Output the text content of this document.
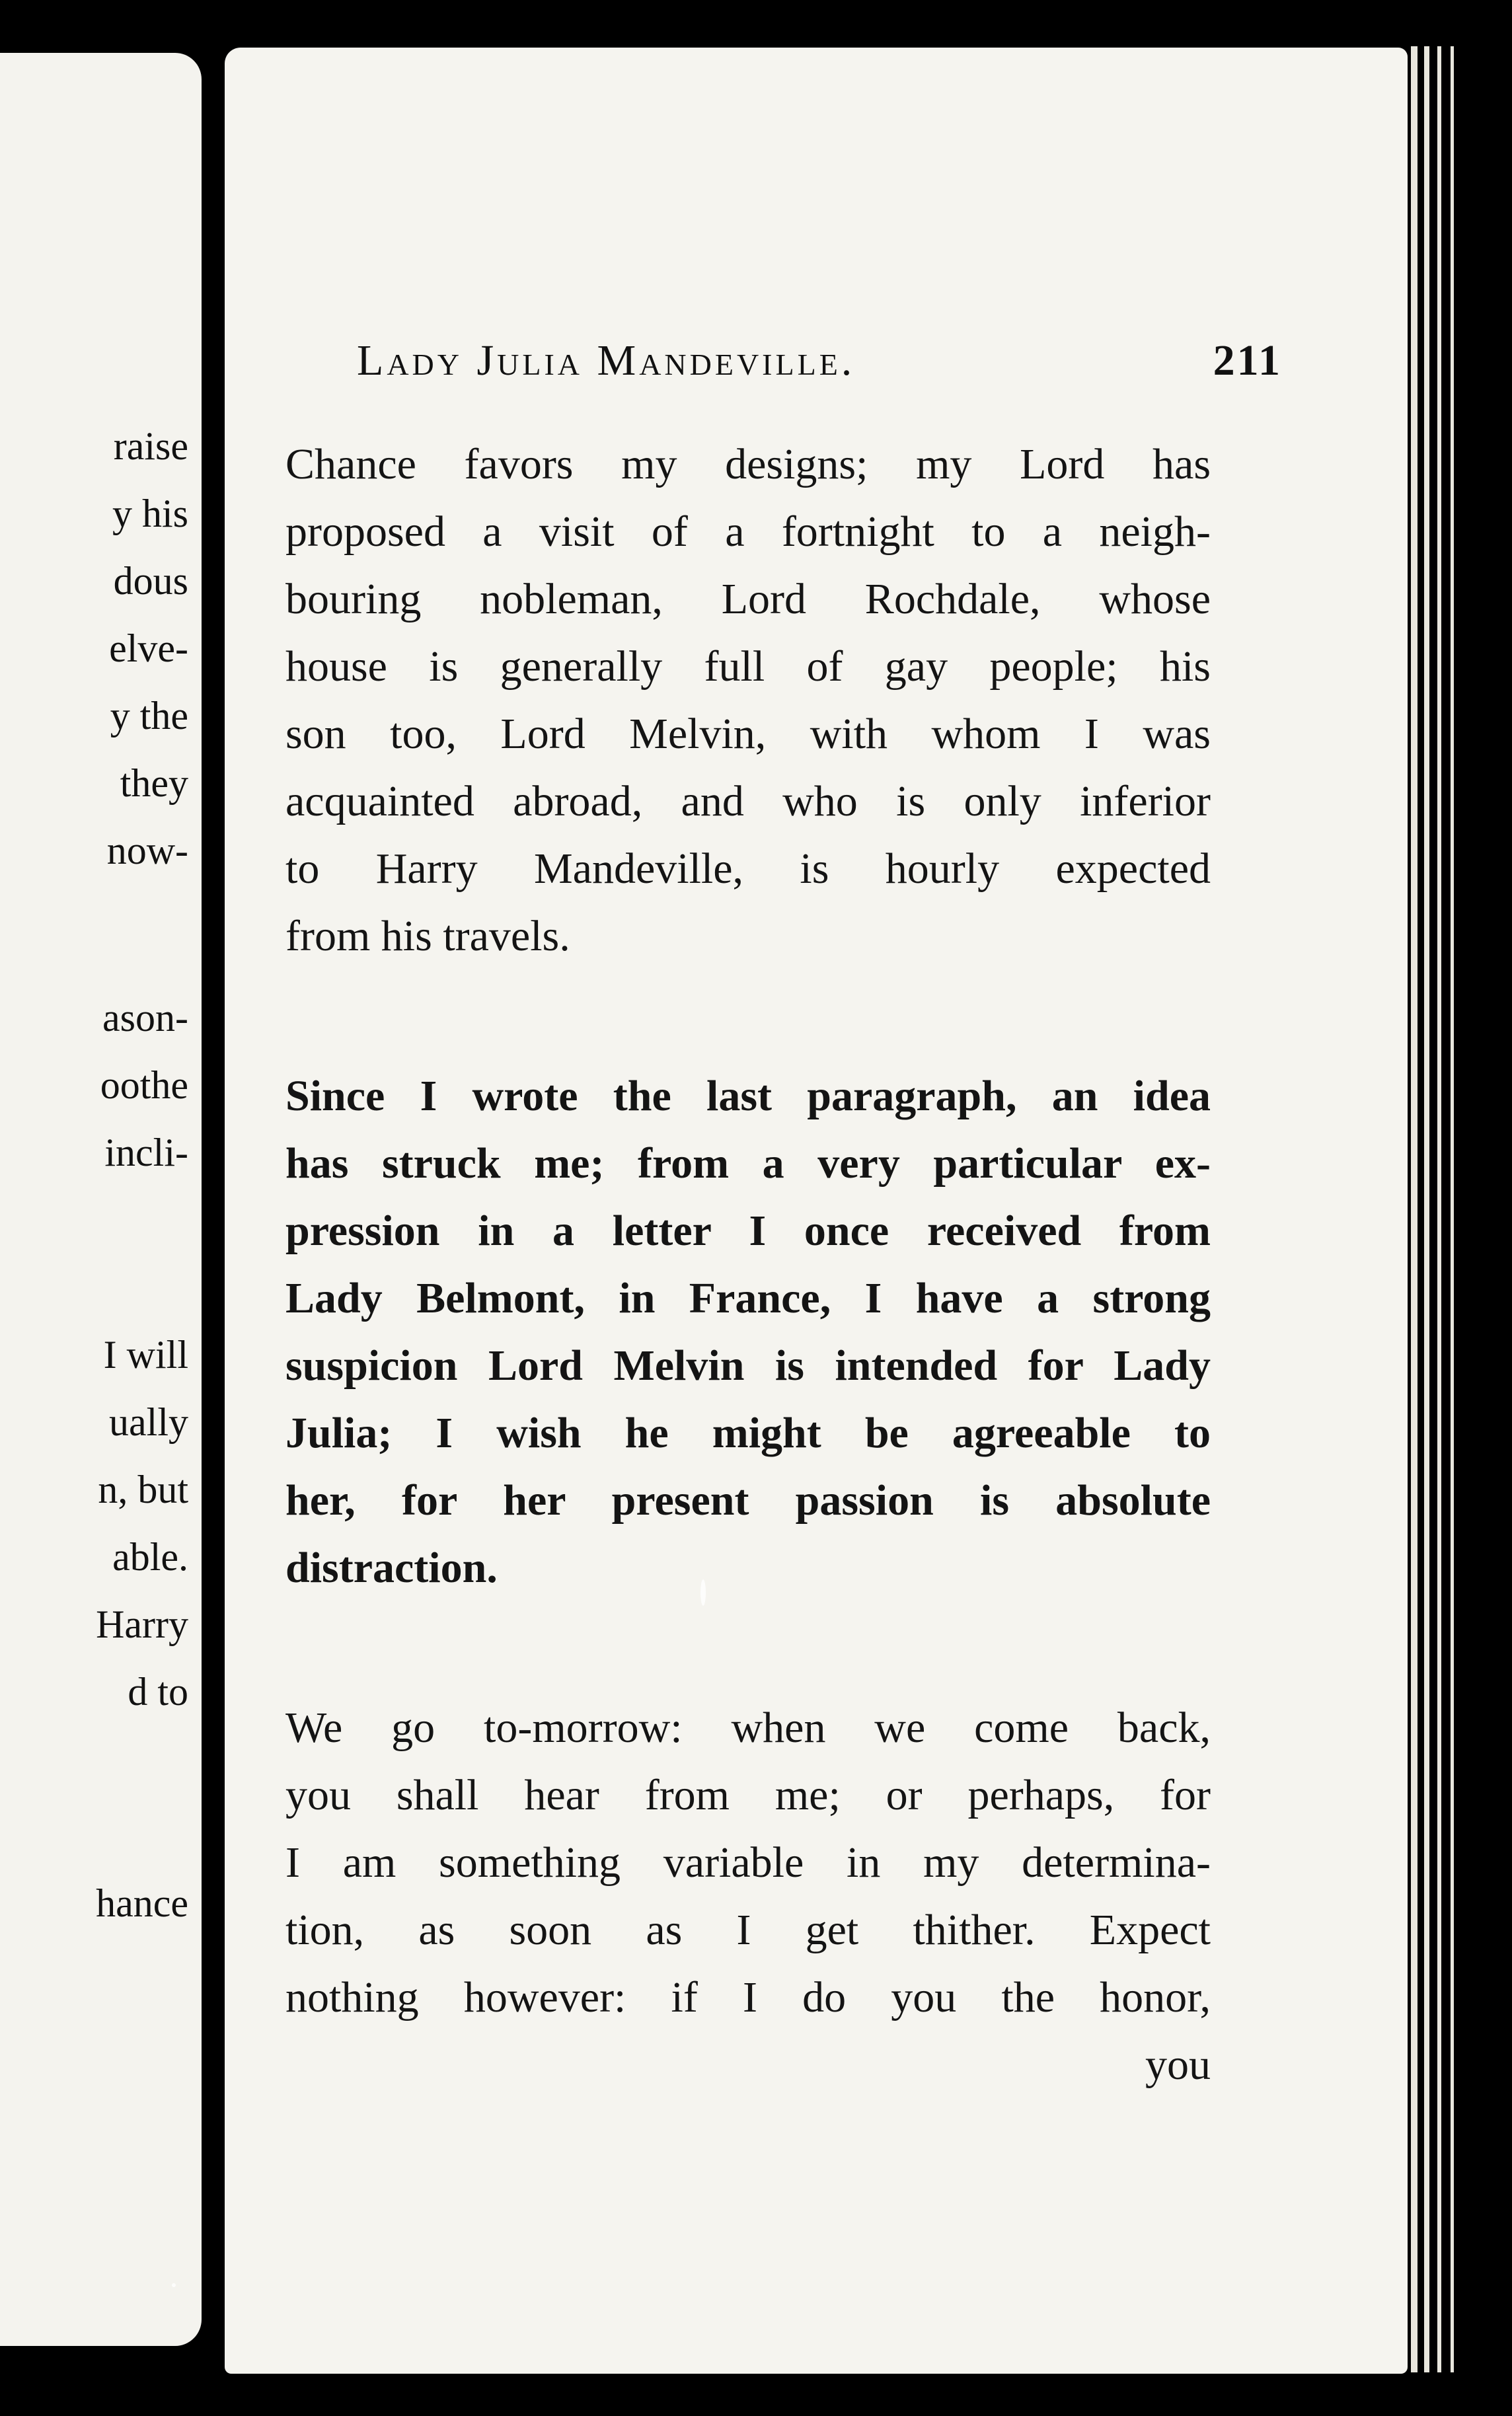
raise
y his
dous
elve-
y the
they
now-
ason-
oothe
incli-
I will
ually
n, but
able.
Harry
d to
hance
Lady Julia Mandeville.	211
Chance favors my designs; my Lord has
proposed a visit of a fortnight to a neigh-
bouring nobleman, Lord Rochdale, whose
house is generally full of gay people; his
son too, Lord Melvin, with whom I was
acquainted abroad, and who is only inferior
to Harry Mandeville, is hourly expected
from his travels.
Since I wrote the last paragraph, an idea
has struck me; from a very particular ex-
pression in a letter I once received from
Lady Belmont, in France, I have a strong
suspicion Lord Melvin is intended for Lady
Julia; I wish he might be agreeable to
her, for her present passion is absolute
distraction.
We go to-morrow: when we come back,
you shall hear from me; or perhaps, for
I am something variable in my determina-
tion, as soon as I get thither. Expect
nothing however: if I do you the honor,
you
